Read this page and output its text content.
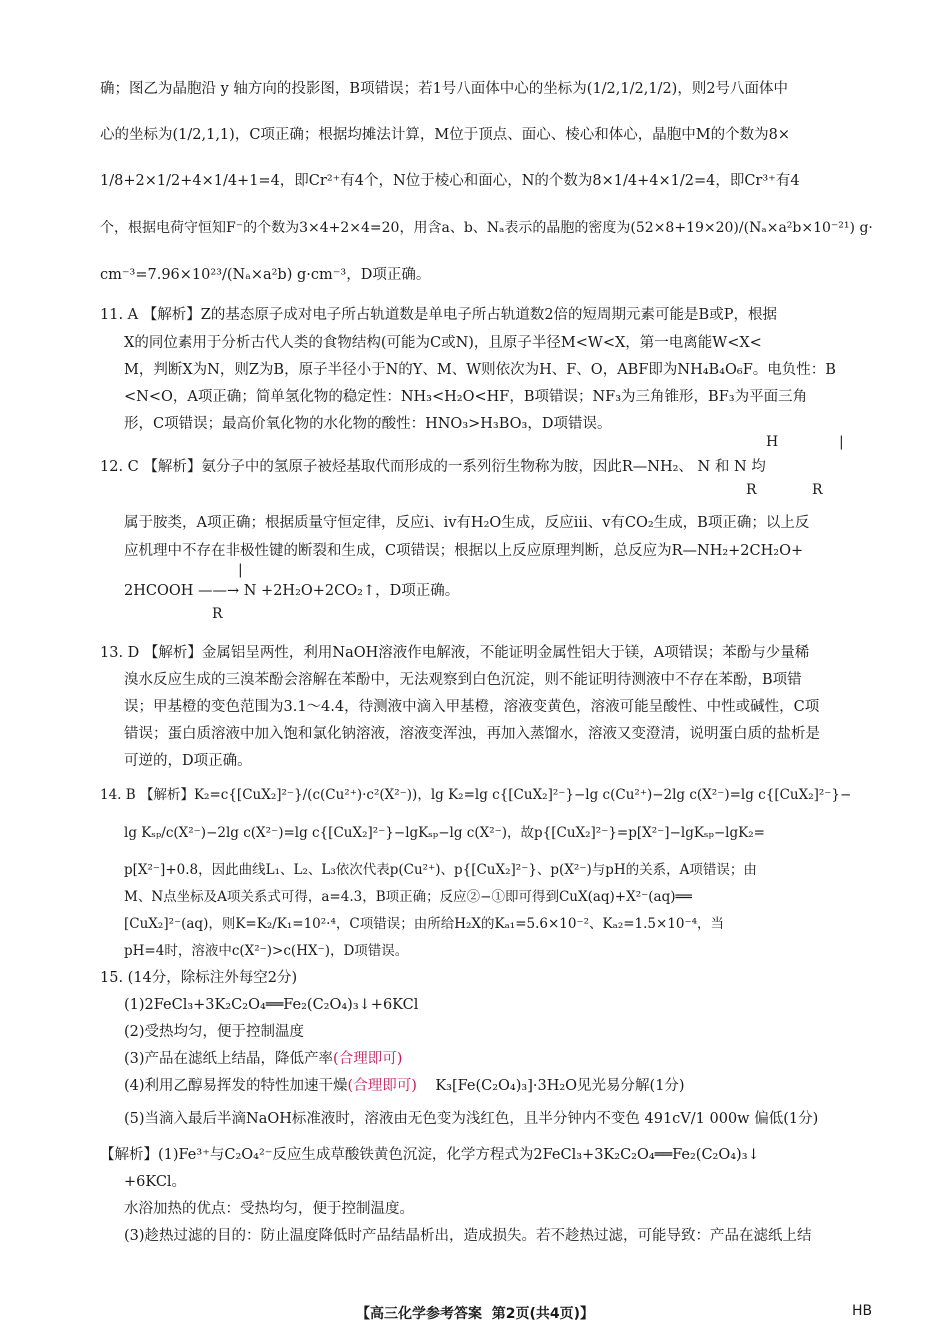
确；图乙为晶胞沿 y 轴方向的投影图，B项错误；若1号八面体中心的坐标为(1/2,1/2,1/2)，则2号八面体中
心的坐标为(1/2,1,1)，C项正确；根据均摊法计算，M位于顶点、面心、棱心和体心，晶胞中M的个数为8×
1/8+2×1/2+4×1/4+1=4，即Cr²⁺有4个，N位于棱心和面心，N的个数为8×1/4+4×1/2=4，即Cr³⁺有4
个，根据电荷守恒知F⁻的个数为3×4+2×4=20，用含a、b、Nₐ表示的晶胞的密度为(52×8+19×20)/(Nₐ×a²b×10⁻²¹) g·
cm⁻³=7.96×10²³/(Nₐ×a²b) g·cm⁻³，D项正确。
11. A 【解析】Z的基态原子成对电子所占轨道数是单电子所占轨道数2倍的短周期元素可能是B或P，根据
X的同位素用于分析古代人类的食物结构(可能为C或N)，且原子半径M<W<X，第一电离能W<X<
M，判断X为N，则Z为B，原子半径小于N的Y、M、W则依次为H、F、O，ABF即为NH₄B₄O₆F。电负性：B
<N<O，A项正确；简单氢化物的稳定性：NH₃<H₂O<HF，B项错误；NF₃为三角锥形，BF₃为平面三角
形，C项错误；最高价氧化物的水化物的酸性：HNO₃>H₃BO₃，D项错误。
H	|
12. C 【解析】氨分子中的氢原子被烃基取代而形成的一系列衍生物称为胺，因此R—NH₂、 N 和 N 均
R	R
属于胺类，A项正确；根据质量守恒定律，反应ⅰ、ⅳ有H₂O生成，反应ⅲ、ⅴ有CO₂生成，B项正确；以上反
应机理中不存在非极性键的断裂和生成，C项错误；根据以上反应原理判断，总反应为R—NH₂+2CH₂O+
|
2HCOOH ——→ N +2H₂O+2CO₂↑，D项正确。
R
13. D 【解析】金属铝呈两性，利用NaOH溶液作电解液，不能证明金属性铝大于镁，A项错误；苯酚与少量稀
溴水反应生成的三溴苯酚会溶解在苯酚中，无法观察到白色沉淀，则不能证明待测液中不存在苯酚，B项错
误；甲基橙的变色范围为3.1～4.4，待测液中滴入甲基橙，溶液变黄色，溶液可能呈酸性、中性或碱性，C项
错误；蛋白质溶液中加入饱和氯化钠溶液，溶液变浑浊，再加入蒸馏水，溶液又变澄清，说明蛋白质的盐析是
可逆的，D项正确。
14. B 【解析】K₂=c{[CuX₂]²⁻}/(c(Cu²⁺)·c²(X²⁻))，lg K₂=lg c{[CuX₂]²⁻}−lg c(Cu²⁺)−2lg c(X²⁻)=lg c{[CuX₂]²⁻}−
lg Kₛₚ/c(X²⁻)−2lg c(X²⁻)=lg c{[CuX₂]²⁻}−lgKₛₚ−lg c(X²⁻)，故p{[CuX₂]²⁻}=p[X²⁻]−lgKₛₚ−lgK₂=
p[X²⁻]+0.8，因此曲线L₁、L₂、L₃依次代表p(Cu²⁺)、p{[CuX₂]²⁻}、p(X²⁻)与pH的关系，A项错误；由
M、N点坐标及A项关系式可得，a=4.3，B项正确；反应②−①即可得到CuX(aq)+X²⁻(aq)══
[CuX₂]²⁻(aq)，则K=K₂/K₁=10²·⁴，C项错误；由所给H₂X的Kₐ₁=5.6×10⁻²、Kₐ₂=1.5×10⁻⁴，当
pH=4时，溶液中c(X²⁻)>c(HX⁻)，D项错误。
15. (14分，除标注外每空2分)
(1)2FeCl₃+3K₂C₂O₄══Fe₂(C₂O₄)₃↓+6KCl
(2)受热均匀，便于控制温度
(3)产品在滤纸上结晶，降低产率(合理即可)
(4)利用乙醇易挥发的特性加速干燥(合理即可) K₃[Fe(C₂O₄)₃]·3H₂O见光易分解(1分)
(5)当滴入最后半滴NaOH标准液时，溶液由无色变为浅红色，且半分钟内不变色 491cV/1 000w 偏低(1分)
【解析】(1)Fe³⁺与C₂O₄²⁻反应生成草酸铁黄色沉淀，化学方程式为2FeCl₃+3K₂C₂O₄══Fe₂(C₂O₄)₃↓
+6KCl。
水浴加热的优点：受热均匀，便于控制温度。
(3)趁热过滤的目的：防止温度降低时产品结晶析出，造成损失。若不趁热过滤，可能导致：产品在滤纸上结
【高三化学参考答案 第2页(共4页)】	HB
